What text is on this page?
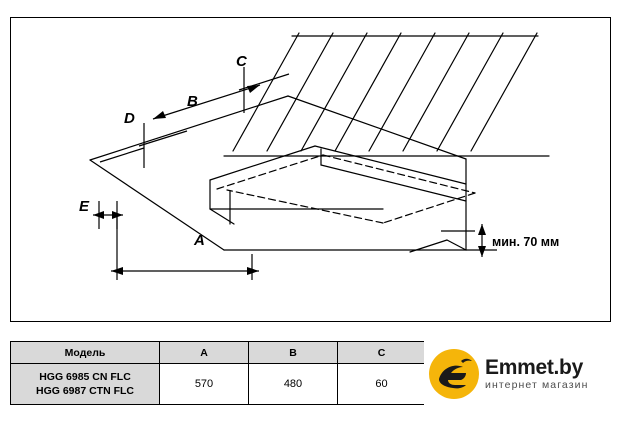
A
B
C
D
E
мин. 70 мм
Модель	A	B	C

HGG 6985 CN FLC
HGG 6987 CTN FLC	570	480	60
Emmet.by
интернет магазин
